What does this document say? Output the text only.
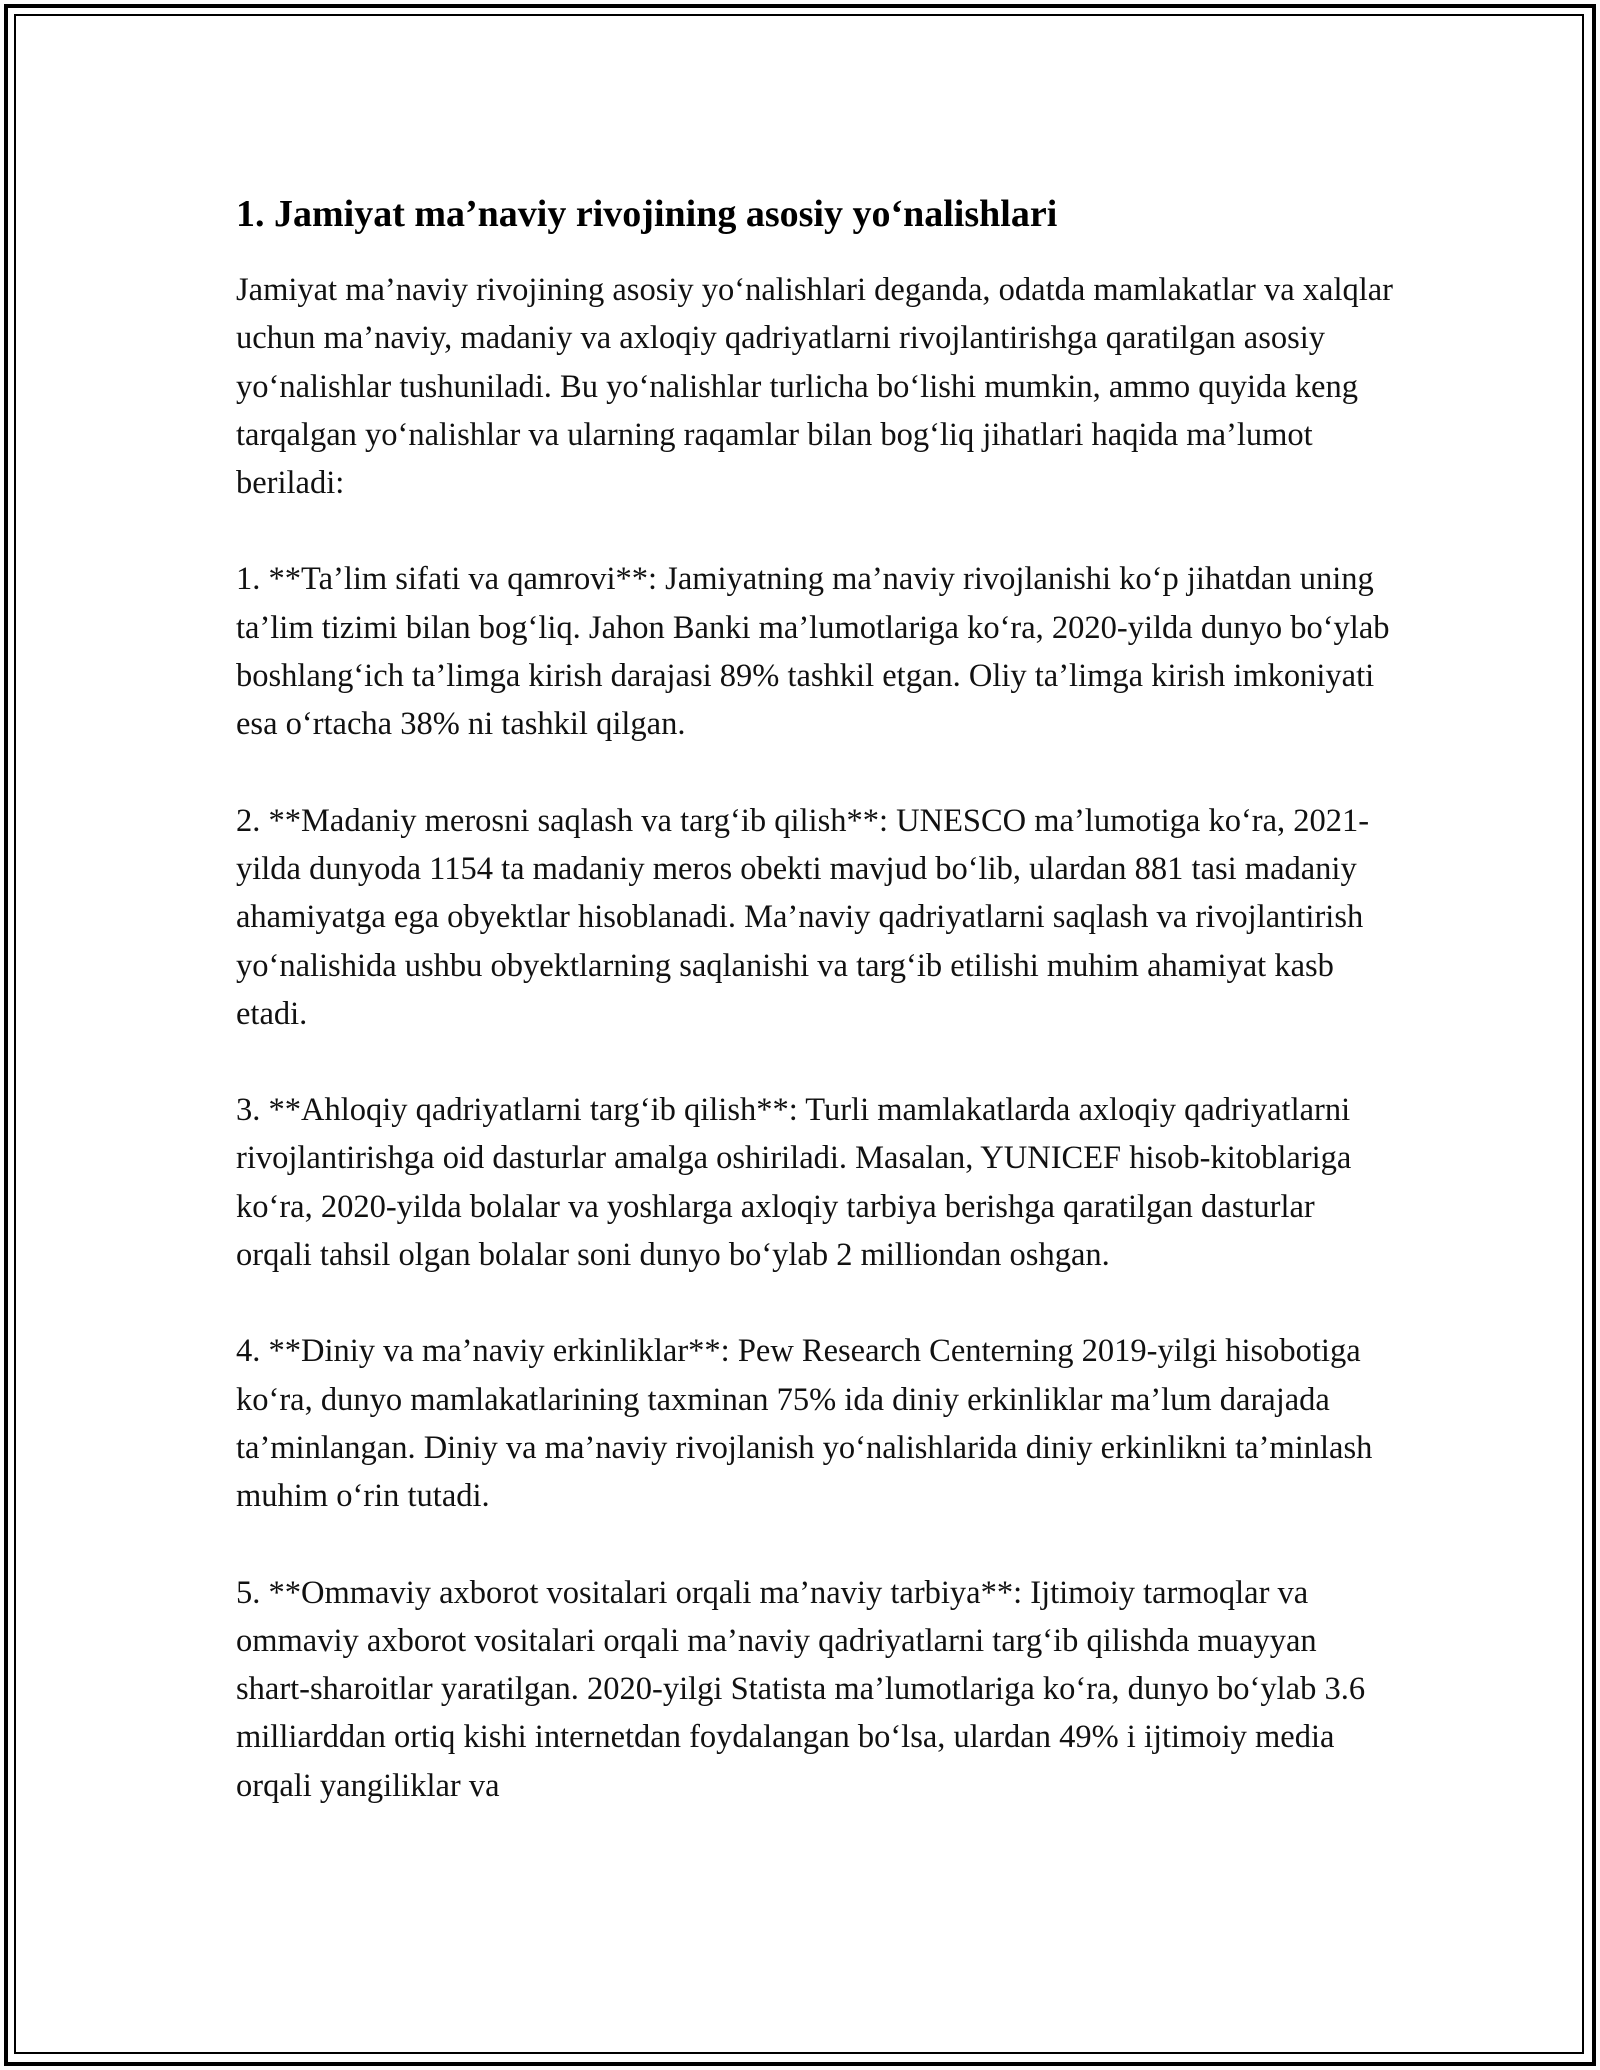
1. Jamiyat ma’naviy rivojining asosiy yo‘nalishlari

Jamiyat ma’naviy rivojining asosiy yo‘nalishlari deganda, odatda mamlakatlar va xalqlar uchun ma’naviy, madaniy va axloqiy qadriyatlarni rivojlantirishga qaratilgan asosiy yo‘nalishlar tushuniladi. Bu yo‘nalishlar turlicha bo‘lishi mumkin, ammo quyida keng tarqalgan yo‘nalishlar va ularning raqamlar bilan bog‘liq jihatlari haqida ma’lumot beriladi:

1. **Ta’lim sifati va qamrovi**: Jamiyatning ma’naviy rivojlanishi ko‘p jihatdan uning ta’lim tizimi bilan bog‘liq. Jahon Banki ma’lumotlariga ko‘ra, 2020-yilda dunyo bo‘ylab boshlang‘ich ta’limga kirish darajasi 89% tashkil etgan. Oliy ta’limga kirish imkoniyati esa o‘rtacha 38% ni tashkil qilgan.

2. **Madaniy merosni saqlash va targ‘ib qilish**: UNESCO ma’lumotiga ko‘ra, 2021-yilda dunyoda 1154 ta madaniy meros obekti mavjud bo‘lib, ulardan 881 tasi madaniy ahamiyatga ega obyektlar hisoblanadi. Ma’naviy qadriyatlarni saqlash va rivojlantirish yo‘nalishida ushbu obyektlarning saqlanishi va targ‘ib etilishi muhim ahamiyat kasb etadi.

3. **Ahloqiy qadriyatlarni targ‘ib qilish**: Turli mamlakatlarda axloqiy qadriyatlarni rivojlantirishga oid dasturlar amalga oshiriladi. Masalan, YUNICEF hisob-kitoblariga ko‘ra, 2020-yilda bolalar va yoshlarga axloqiy tarbiya berishga qaratilgan dasturlar orqali tahsil olgan bolalar soni dunyo bo‘ylab 2 milliondan oshgan.

4. **Diniy va ma’naviy erkinliklar**: Pew Research Centerning 2019-yilgi hisobotiga ko‘ra, dunyo mamlakatlarining taxminan 75% ida diniy erkinliklar ma’lum darajada ta’minlangan. Diniy va ma’naviy rivojlanish yo‘nalishlarida diniy erkinlikni ta’minlash muhim o‘rin tutadi.

5. **Ommaviy axborot vositalari orqali ma’naviy tarbiya**: Ijtimoiy tarmoqlar va ommaviy axborot vositalari orqali ma’naviy qadriyatlarni targ‘ib qilishda muayyan shart-sharoitlar yaratilgan. 2020-yilgi Statista ma’lumotlariga ko‘ra, dunyo bo‘ylab 3.6 milliarddan ortiq kishi internetdan foydalangan bo‘lsa, ulardan 49% i ijtimoiy media orqali yangiliklar va
